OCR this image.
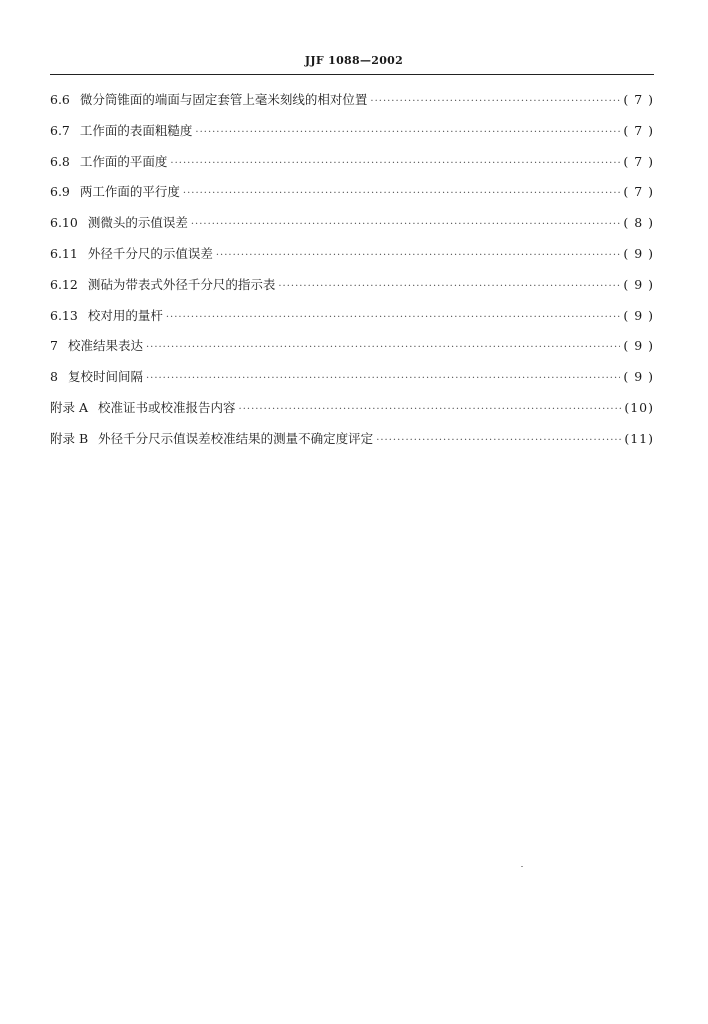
JJF 1088—2002
6.6 微分筒锥面的端面与固定套管上毫米刻线的相对位置 ·····	( 7 )
6.7 工作面的表面粗糙度 ·····	( 7 )
6.8 工作面的平面度 ·····	( 7 )
6.9 两工作面的平行度 ·····	( 7 )
6.10 测微头的示值误差 ·····	( 8 )
6.11 外径千分尺的示值误差 ·····	( 9 )
6.12 测砧为带表式外径千分尺的指示表 ·····	( 9 )
6.13 校对用的量杆 ·····	( 9 )
7 校准结果表达 ·····	( 9 )
8 复校时间间隔 ·····	( 9 )
附录 A 校准证书或校准报告内容 ·····	(10)
附录 B 外径千分尺示值误差校准结果的测量不确定度评定 ·····	(11)
